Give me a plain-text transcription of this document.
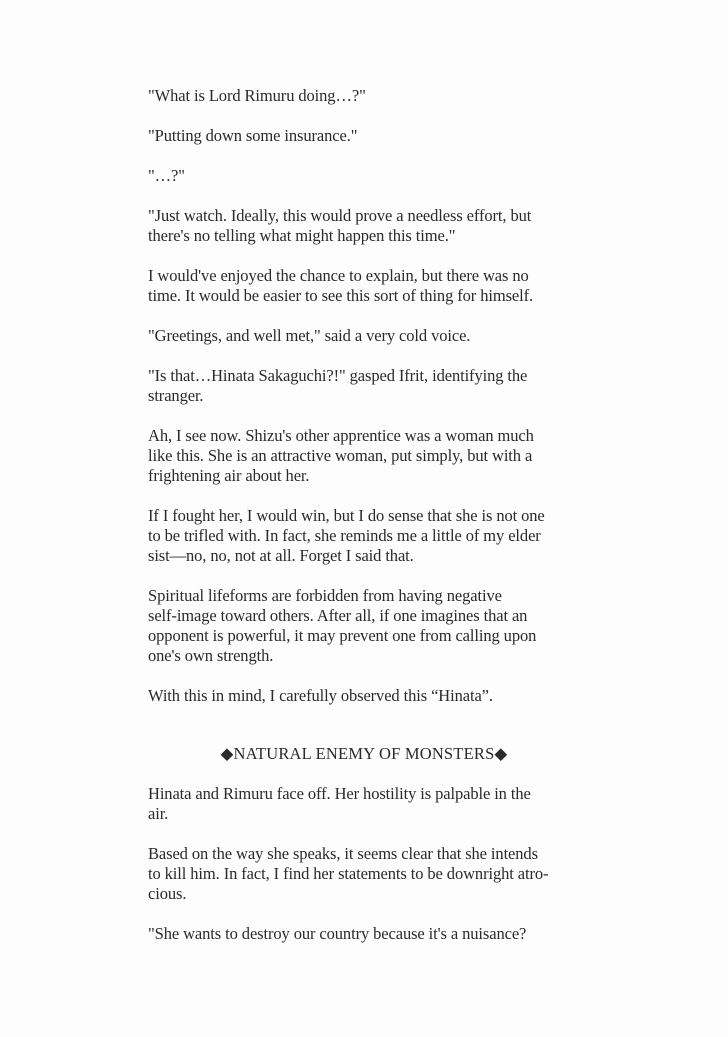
"What is Lord Rimuru doing…?"
"Putting down some insurance."
"…?"
"Just watch. Ideally, this would prove a needless effort, but
there's no telling what might happen this time."
I would've enjoyed the chance to explain, but there was no
time. It would be easier to see this sort of thing for himself.
"Greetings, and well met," said a very cold voice.
"Is that…Hinata Sakaguchi?!" gasped Ifrit, identifying the
stranger.
Ah, I see now. Shizu's other apprentice was a woman much
like this. She is an attractive woman, put simply, but with a
frightening air about her.
If I fought her, I would win, but I do sense that she is not one
to be trifled with. In fact, she reminds me a little of my elder
sist—no, no, not at all. Forget I said that.
Spiritual lifeforms are forbidden from having negative
self-image toward others. After all, if one imagines that an
opponent is powerful, it may prevent one from calling upon
one's own strength.
With this in mind, I carefully observed this “Hinata”.
◆NATURAL ENEMY OF MONSTERS◆
Hinata and Rimuru face off. Her hostility is palpable in the
air.
Based on the way she speaks, it seems clear that she intends
to kill him. In fact, I find her statements to be downright atro-
cious.
"She wants to destroy our country because it's a nuisance?
